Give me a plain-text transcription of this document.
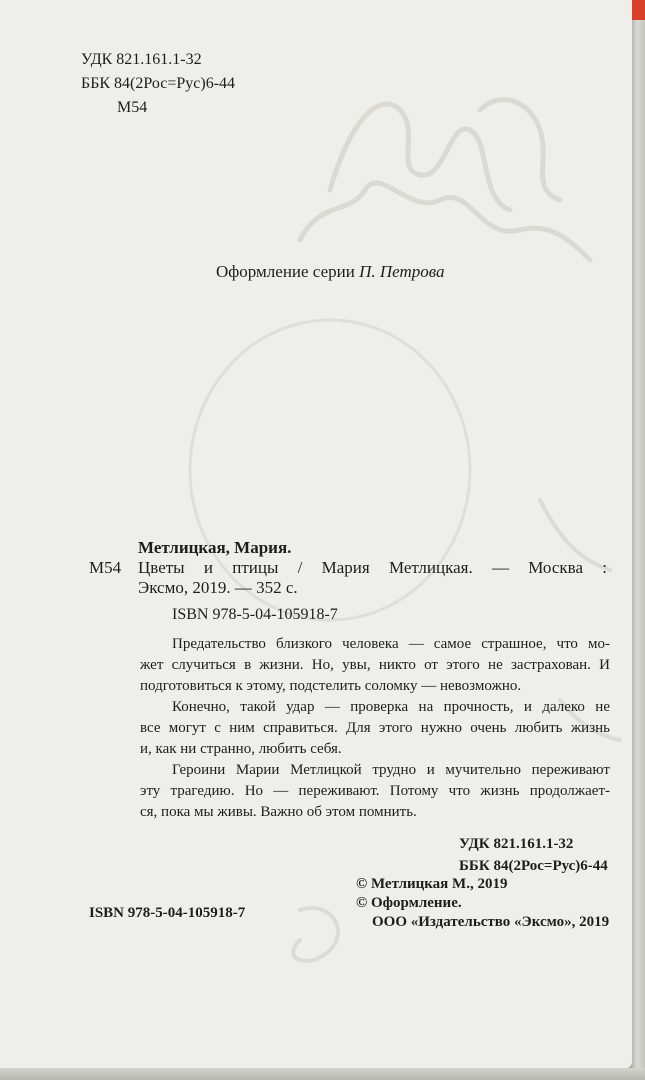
УДК 821.161.1-32
ББК 84(2Рос=Рус)6-44
М54
Оформление серии П. Петрова
Метлицкая, Мария.
М54 Цветы и птицы / Мария Метлицкая. — Москва :
Эксмо, 2019. — 352 с.
ISBN 978-5-04-105918-7
Предательство близкого человека — самое страшное, что мо-
жет случиться в жизни. Но, увы, никто от этого не застрахован. И
подготовиться к этому, подстелить соломку — невозможно.
Конечно, такой удар — проверка на прочность, и далеко не
все могут с ним справиться. Для этого нужно очень любить жизнь
и, как ни странно, любить себя.
Героини Марии Метлицкой трудно и мучительно переживают
эту трагедию. Но — переживают. Потому что жизнь продолжает-
ся, пока мы живы. Важно об этом помнить.
УДК 821.161.1-32
ББК 84(2Рос=Рус)6-44
ISBN 978-5-04-105918-7
© Метлицкая М., 2019
© Оформление.
ООО «Издательство «Эксмо», 2019
